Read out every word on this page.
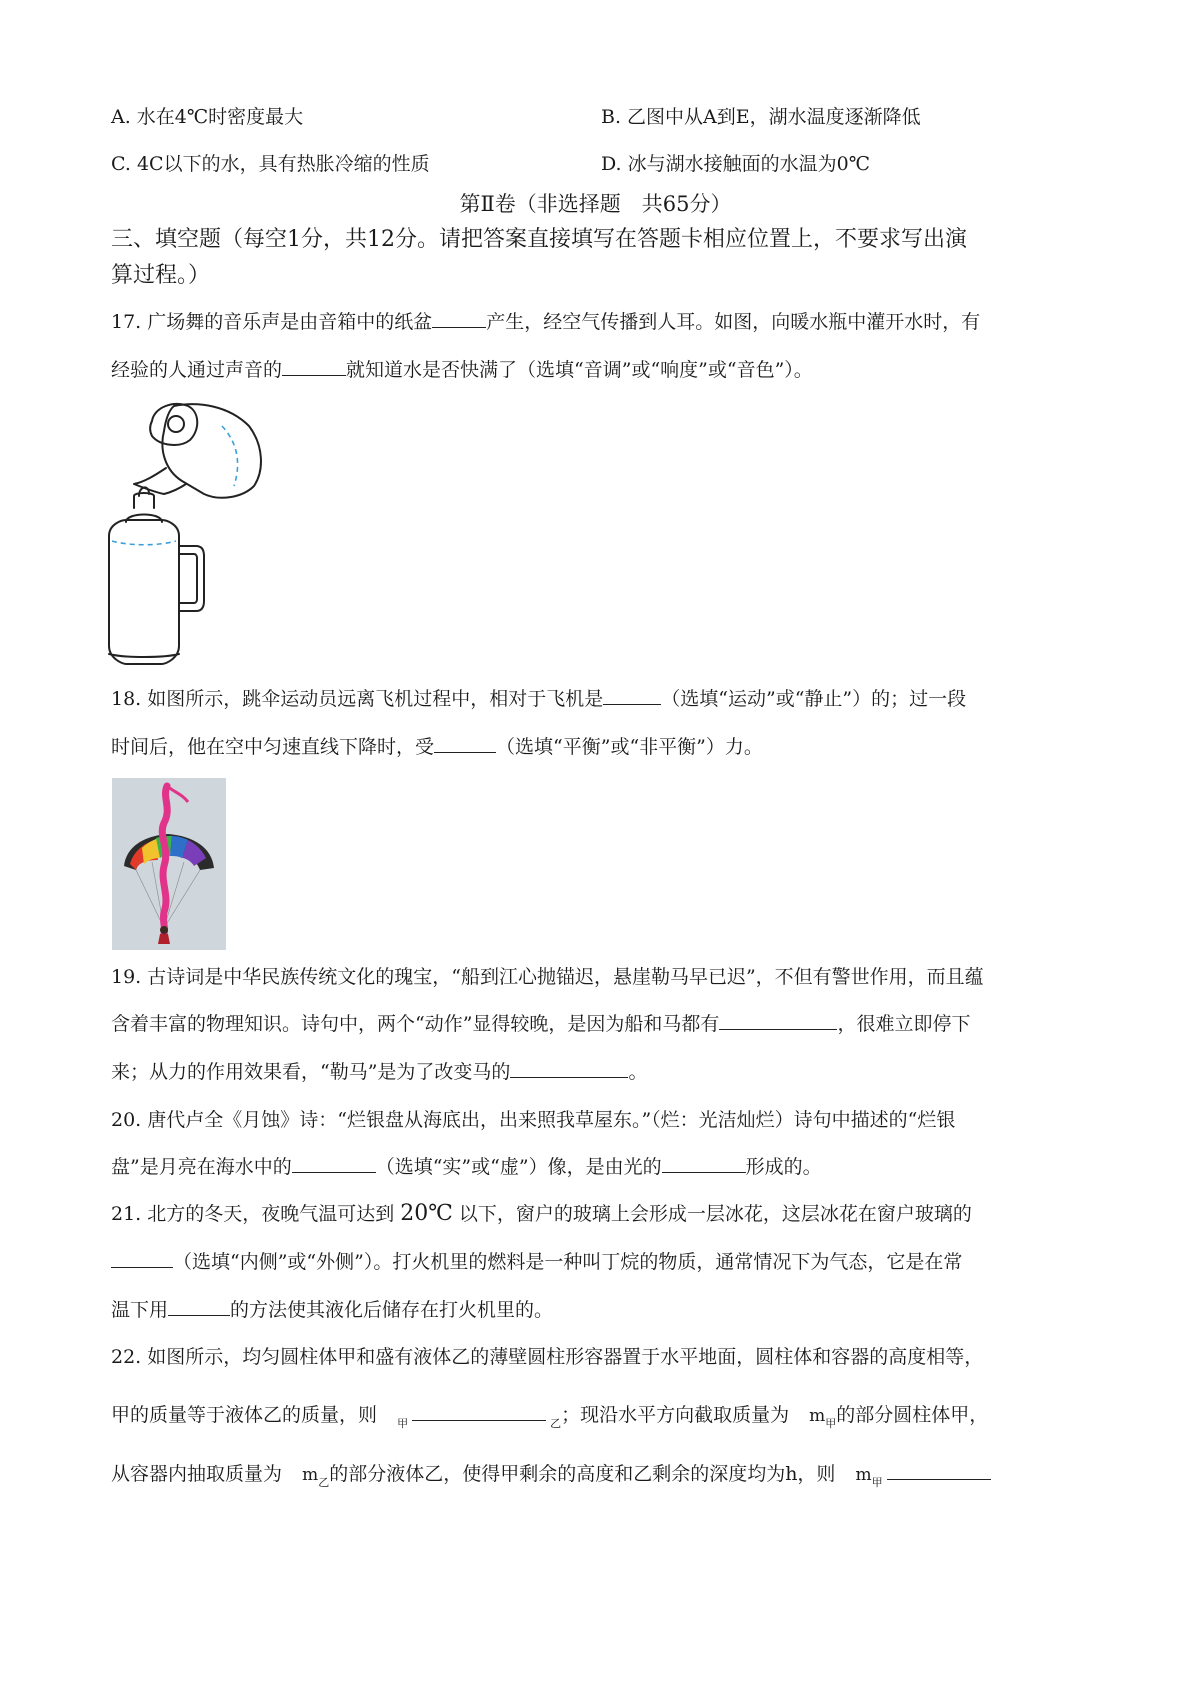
A. 水在4℃时密度最大	B. 乙图中从A到E，湖水温度逐渐降低
C. 4C以下的水，具有热胀冷缩的性质	D. 冰与湖水接触面的水温为0℃
第Ⅱ卷（非选择题　共65分）
三、填空题（每空1分，共12分。请把答案直接填写在答题卡相应位置上，不要求写出演
算过程。）
17. 广场舞的音乐声是由音箱中的纸盆	产生，经空气传播到人耳。如图，向暖水瓶中灌开水时，有
经验的人通过声音的	就知道水是否快满了（选填“音调”或“响度”或“音色”）。
18. 如图所示，跳伞运动员远离飞机过程中，相对于飞机是	（选填“运动”或“静止”）的；过一段
时间后，他在空中匀速直线下降时，受	（选填“平衡”或“非平衡”）力。
19. 古诗词是中华民族传统文化的瑰宝，“船到江心抛锚迟，悬崖勒马早已迟”，不但有警世作用，而且蕴
含着丰富的物理知识。诗句中，两个“动作”显得较晚，是因为船和马都有	，很难立即停下
来；从力的作用效果看，“勒马”是为了改变马的	。
20. 唐代卢全《月蚀》诗：“烂银盘从海底出，出来照我草屋东。”（烂：光洁灿烂）诗句中描述的“烂银
盘”是月亮在海水中的	（选填“实”或“虚”）像，是由光的	形成的。
21. 北方的冬天，夜晚气温可达到 20℃ 以下，窗户的玻璃上会形成一层冰花，这层冰花在窗户玻璃的
（选填“内侧”或“外侧”）。打火机里的燃料是一种叫丁烷的物质，通常情况下为气态，它是在常
温下用	的方法使其液化后储存在打火机里的。
22. 如图所示，均匀圆柱体甲和盛有液体乙的薄壁圆柱形容器置于水平地面，圆柱体和容器的高度相等，
甲的质量等于液体乙的质量，则 $_甲$	$_乙$；现沿水平方向截取质量为 $m_甲$的部分圆柱体甲，
从容器内抽取质量为 $m_乙$的部分液体乙，使得甲剩余的高度和乙剩余的深度均为h，则 $m_甲$
